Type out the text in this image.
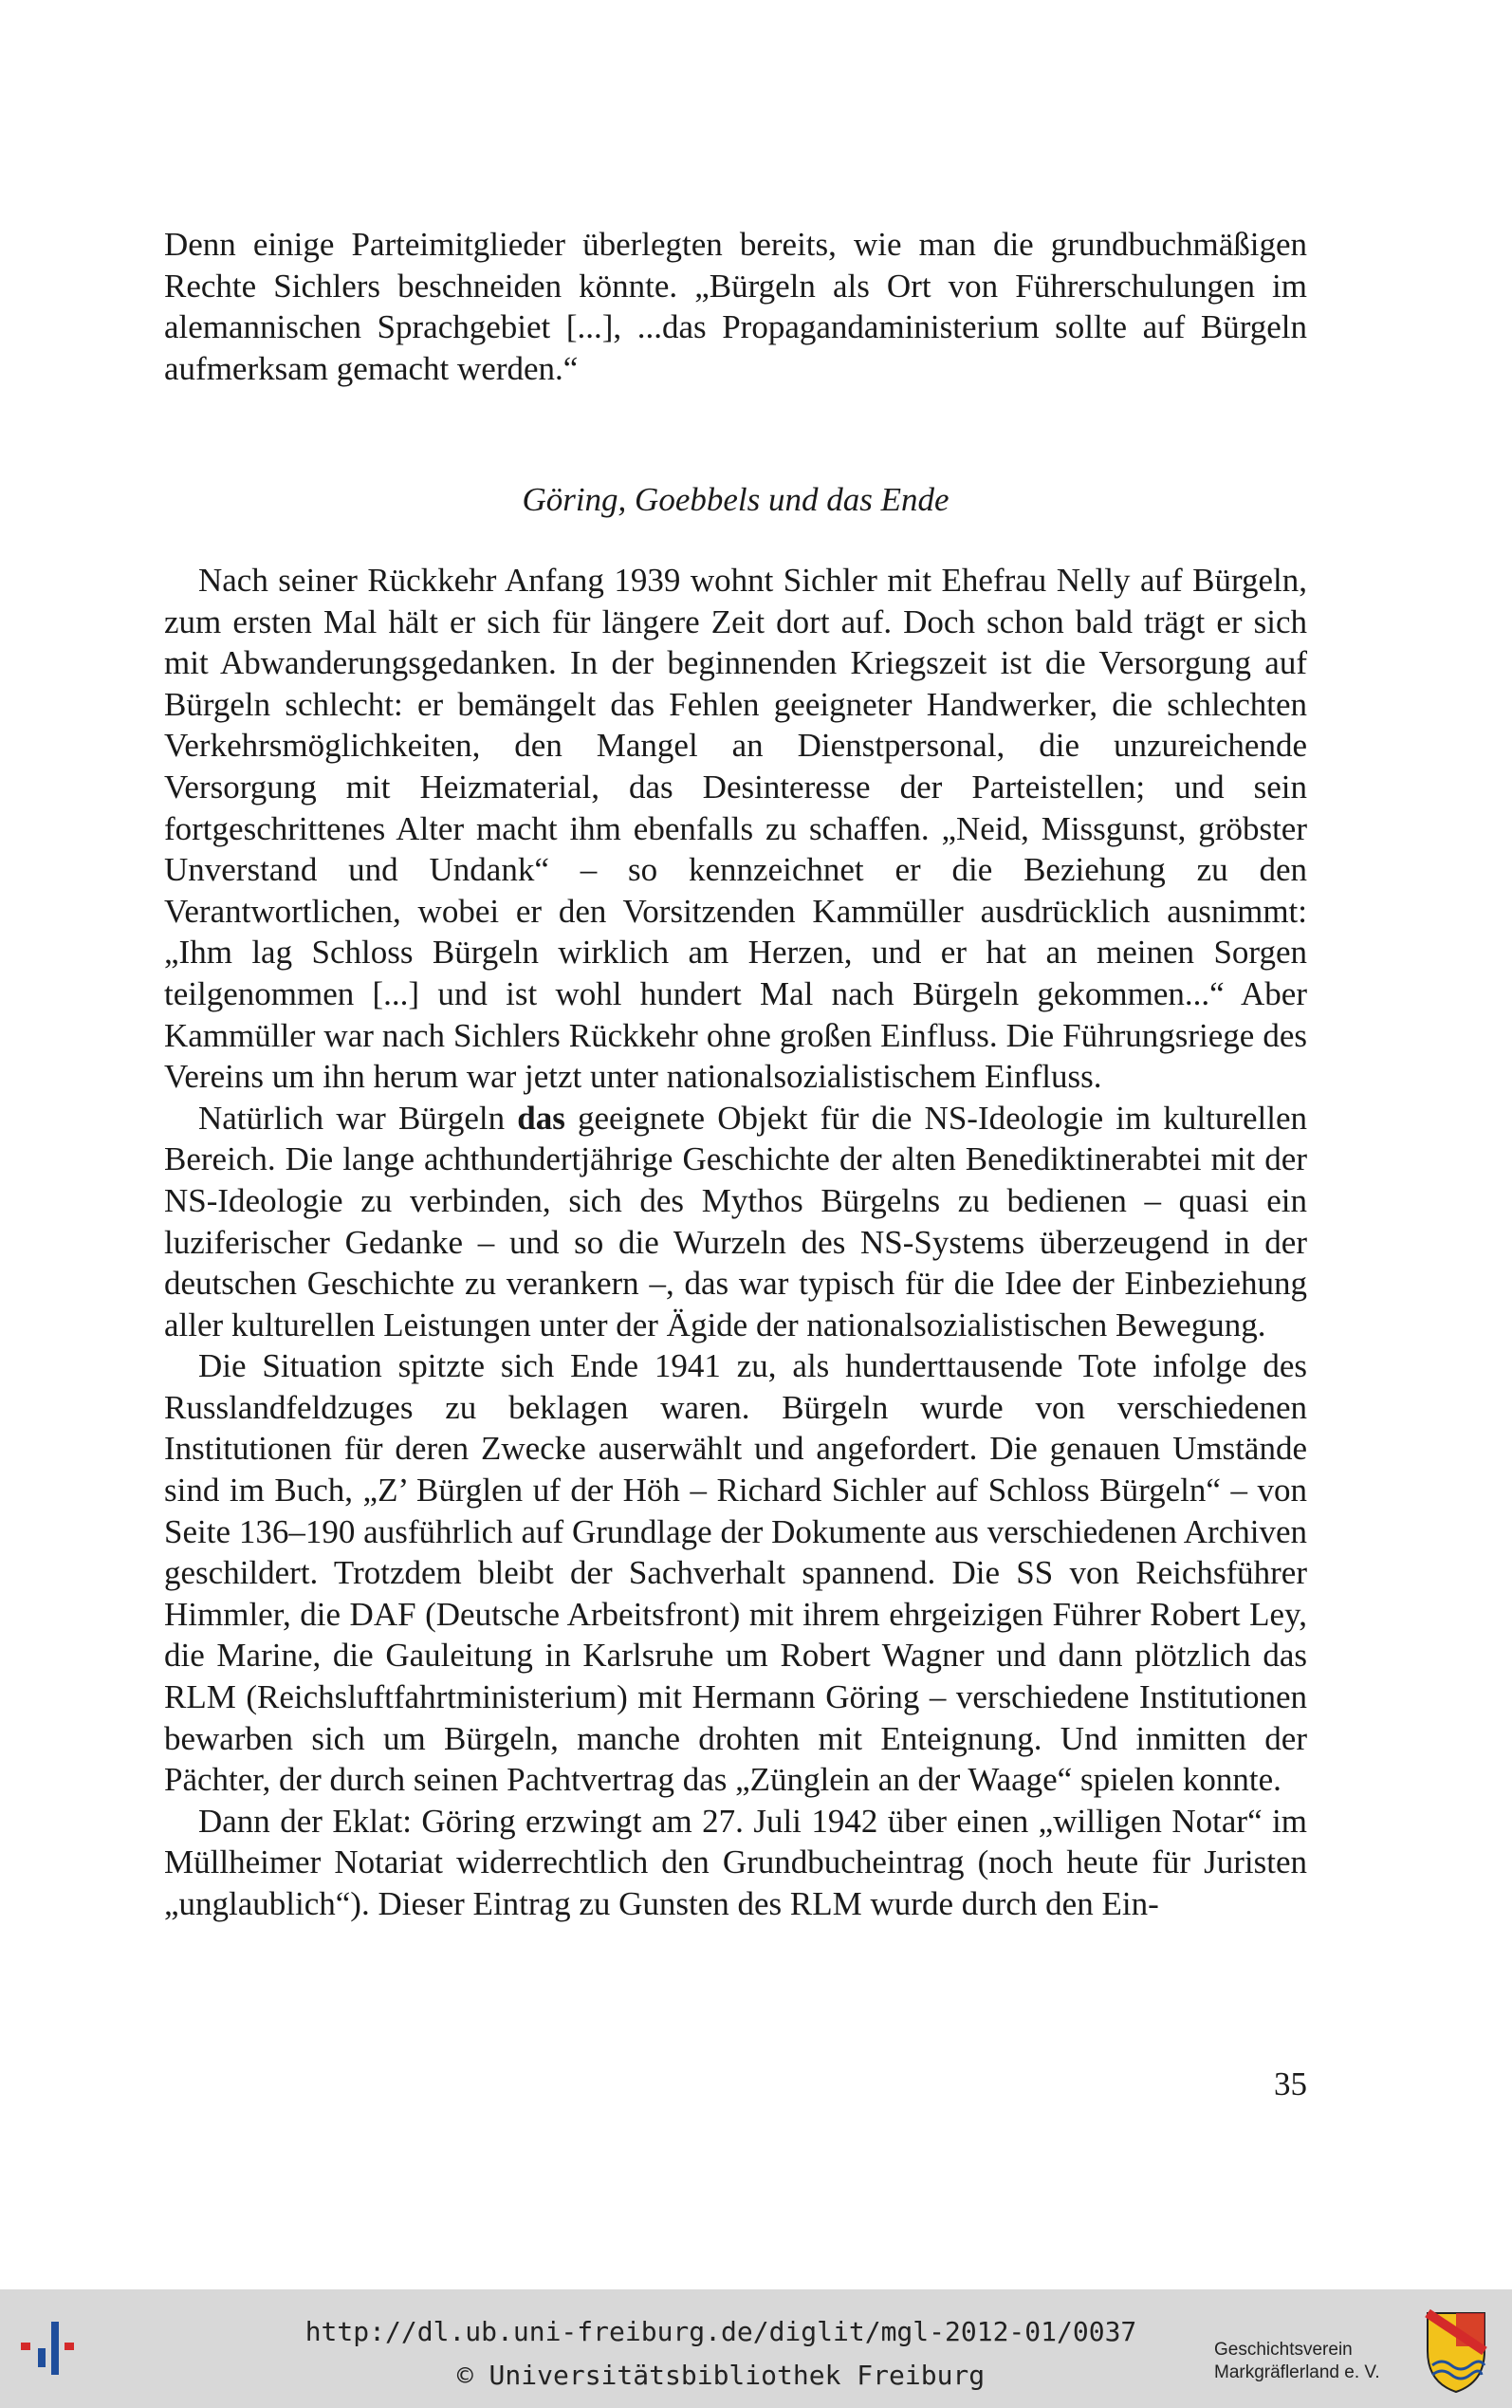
Denn einige Parteimitglieder überlegten bereits, wie man die grundbuchmäßigen Rechte Sichlers beschneiden könnte. „Bürgeln als Ort von Führerschulungen im alemannischen Sprachgebiet [...], ...das Propagandaministerium sollte auf Bürgeln aufmerksam gemacht werden.“

Göring, Goebbels und das Ende

Nach seiner Rückkehr Anfang 1939 wohnt Sichler mit Ehefrau Nelly auf Bürgeln, zum ersten Mal hält er sich für längere Zeit dort auf. Doch schon bald trägt er sich mit Abwanderungsgedanken. In der beginnenden Kriegszeit ist die Versorgung auf Bürgeln schlecht: er bemängelt das Fehlen geeigneter Handwerker, die schlechten Verkehrsmöglichkeiten, den Mangel an Dienstpersonal, die unzureichende Versorgung mit Heizmaterial, das Desinteresse der Parteistellen; und sein fortgeschrittenes Alter macht ihm ebenfalls zu schaffen. „Neid, Missgunst, gröbster Unverstand und Undank“ – so kennzeichnet er die Beziehung zu den Verantwortlichen, wobei er den Vorsitzenden Kammüller ausdrücklich ausnimmt: „Ihm lag Schloss Bürgeln wirklich am Herzen, und er hat an meinen Sorgen teilgenommen [...] und ist wohl hundert Mal nach Bürgeln gekommen...“ Aber Kammüller war nach Sichlers Rückkehr ohne großen Einfluss. Die Führungsriege des Vereins um ihn herum war jetzt unter nationalsozialistischem Einfluss.

Natürlich war Bürgeln das geeignete Objekt für die NS-Ideologie im kulturellen Bereich. Die lange achthundertjährige Geschichte der alten Benediktinerabtei mit der NS-Ideologie zu verbinden, sich des Mythos Bürgelns zu bedienen – quasi ein luziferischer Gedanke – und so die Wurzeln des NS-Systems überzeugend in der deutschen Geschichte zu verankern –, das war typisch für die Idee der Einbeziehung aller kulturellen Leistungen unter der Ägide der nationalsozialistischen Bewegung.

Die Situation spitzte sich Ende 1941 zu, als hunderttausende Tote infolge des Russlandfeldzuges zu beklagen waren. Bürgeln wurde von verschiedenen Institutionen für deren Zwecke auserwählt und angefordert. Die genauen Umstände sind im Buch, „Z’ Bürglen uf der Höh – Richard Sichler auf Schloss Bürgeln“ – von Seite 136–190 ausführlich auf Grundlage der Dokumente aus verschiedenen Archiven geschildert. Trotzdem bleibt der Sachverhalt spannend. Die SS von Reichsführer Himmler, die DAF (Deutsche Arbeitsfront) mit ihrem ehrgeizigen Führer Robert Ley, die Marine, die Gauleitung in Karlsruhe um Robert Wagner und dann plötzlich das RLM (Reichsluftfahrtministerium) mit Hermann Göring – verschiedene Institutionen bewarben sich um Bürgeln, manche drohten mit Enteignung. Und inmitten der Pächter, der durch seinen Pachtvertrag das „Zünglein an der Waage“ spielen konnte.

Dann der Eklat: Göring erzwingt am 27. Juli 1942 über einen „willigen Notar“ im Müllheimer Notariat widerrechtlich den Grundbucheintrag (noch heute für Juristen „unglaublich“). Dieser Eintrag zu Gunsten des RLM wurde durch den Ein-

35
http://dl.ub.uni-freiburg.de/diglit/mgl-2012-01/0037
© Universitätsbibliothek Freiburg
Geschichtsverein
Markgräflerland e. V.
